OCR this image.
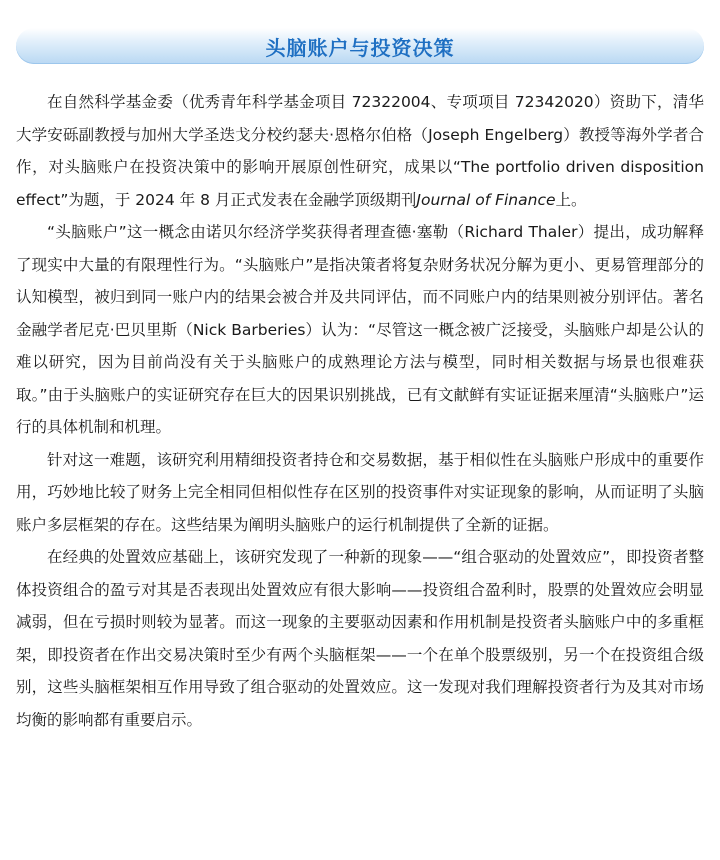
头脑账户与投资决策

在自然科学基金委（优秀青年科学基金项目 72322004、专项项目 72342020）资助下，清华大学安砾副教授与加州大学圣迭戈分校约瑟夫·恩格尔伯格（Joseph Engelberg）教授等海外学者合作，对头脑账户在投资决策中的影响开展原创性研究，成果以“The portfolio driven disposition effect”为题，于 2024 年 8 月正式发表在金融学顶级期刊Journal of Finance上。

“头脑账户”这一概念由诺贝尔经济学奖获得者理查德·塞勒（Richard Thaler）提出，成功解释了现实中大量的有限理性行为。“头脑账户”是指决策者将复杂财务状况分解为更小、更易管理部分的认知模型，被归到同一账户内的结果会被合并及共同评估，而不同账户内的结果则被分别评估。著名金融学者尼克·巴贝里斯（Nick Barberies）认为：“尽管这一概念被广泛接受，头脑账户却是公认的难以研究，因为目前尚没有关于头脑账户的成熟理论方法与模型，同时相关数据与场景也很难获取。”由于头脑账户的实证研究存在巨大的因果识别挑战，已有文献鲜有实证证据来厘清“头脑账户”运行的具体机制和机理。

针对这一难题，该研究利用精细投资者持仓和交易数据，基于相似性在头脑账户形成中的重要作用，巧妙地比较了财务上完全相同但相似性存在区别的投资事件对实证现象的影响，从而证明了头脑账户多层框架的存在。这些结果为阐明头脑账户的运行机制提供了全新的证据。

在经典的处置效应基础上，该研究发现了一种新的现象——“组合驱动的处置效应”，即投资者整体投资组合的盈亏对其是否表现出处置效应有很大影响——投资组合盈利时，股票的处置效应会明显减弱，但在亏损时则较为显著。而这一现象的主要驱动因素和作用机制是投资者头脑账户中的多重框架，即投资者在作出交易决策时至少有两个头脑框架——一个在单个股票级别，另一个在投资组合级别，这些头脑框架相互作用导致了组合驱动的处置效应。这一发现对我们理解投资者行为及其对市场均衡的影响都有重要启示。
